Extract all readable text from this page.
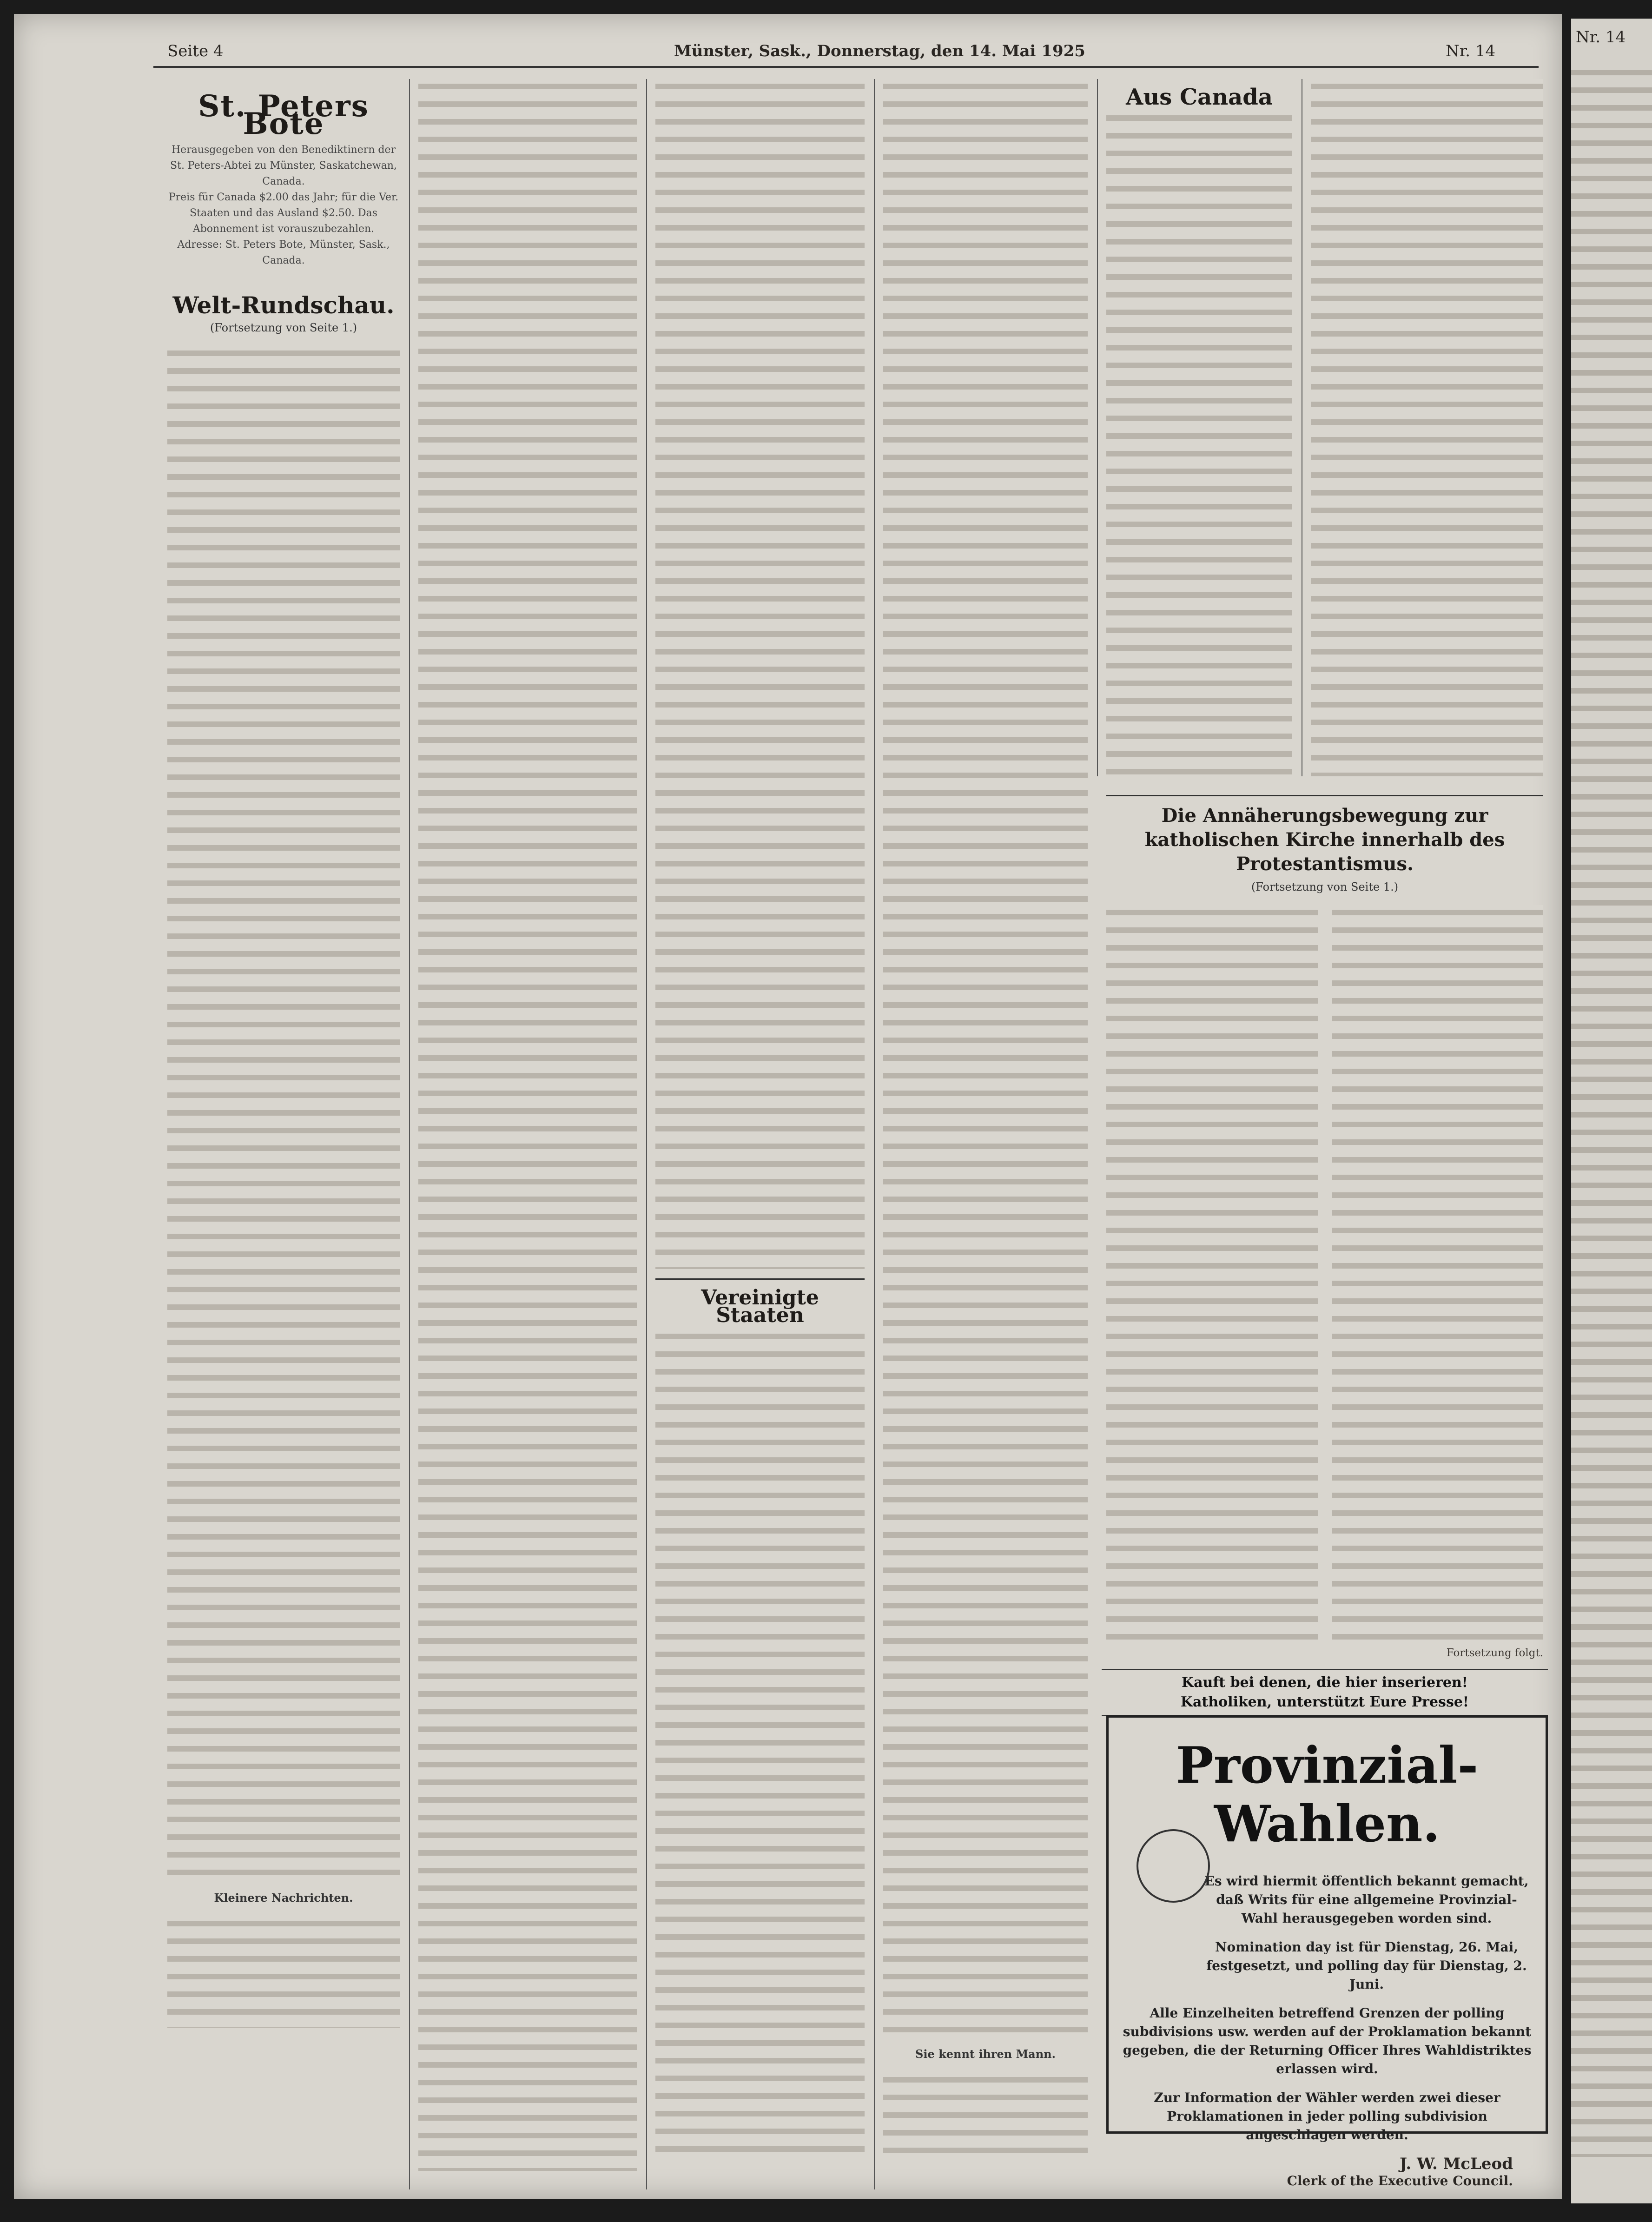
Seite 4	Münster, Sask., Donnerstag, den 14. Mai 1925	Nr. 14
St. Peters Bote
Herausgegeben von den Benediktinern der St. Peters-Abtei zu Münster, Saskatchewan, Canada.
Preis für Canada $2.00 das Jahr; für die Ver. Staaten und das Ausland $2.50. Das Abonnement ist vorauszubezahlen.
Adresse: St. Peters Bote, Münster, Sask., Canada.
Welt-Rundschau.
(Fortsetzung von Seite 1.)
Kleinere Nachrichten.
Vereinigte Staaten
Sie kennt ihren Mann.
Aus Canada
Die Annäherungsbewegung zur katholischen Kirche innerhalb des Protestantismus.
(Fortsetzung von Seite 1.)
Fortsetzung folgt.
Kauft bei denen, die hier inserieren!
Katholiken, unterstützt Eure Presse!
Provinzial-Wahlen.

Es wird hiermit öffentlich bekannt gemacht, daß Writs für eine allgemeine Provinzial-Wahl herausgegeben worden sind.

Nomination day ist für Dienstag, 26. Mai, festgesetzt, und polling day für Dienstag, 2. Juni.

Alle Einzelheiten betreffend Grenzen der polling subdivisions usw. werden auf der Proklamation bekannt gegeben, die der Returning Officer Ihres Wahldistriktes erlassen wird.

Zur Information der Wähler werden zwei dieser Proklamationen in jeder polling subdivision angeschlagen werden.

J. W. McLeod
Clerk of the Executive Council.
Nr. 14
